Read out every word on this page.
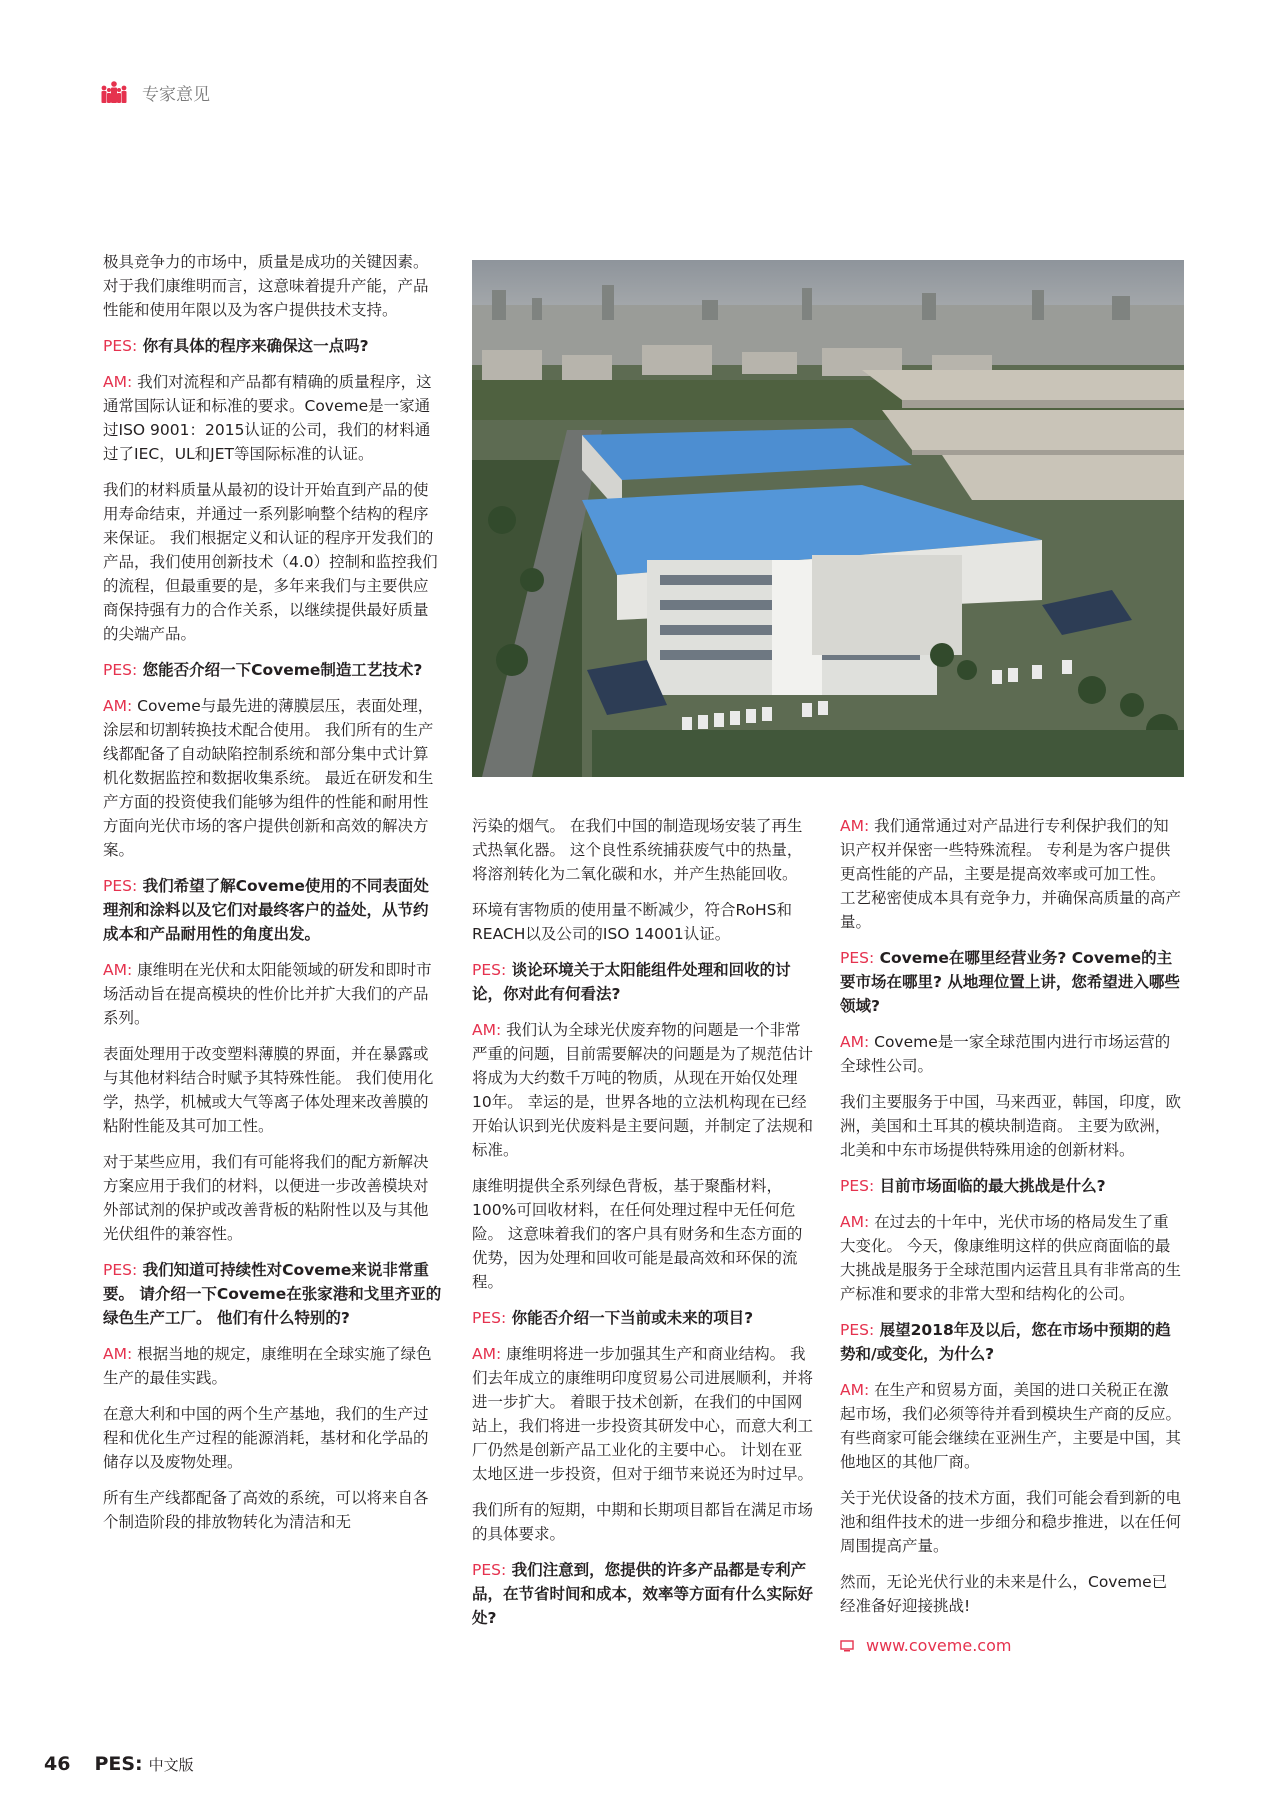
专家意见

极具竞争力的市场中，质量是成功的关键因素。 对于我们康维明而言，这意味着提升产能，产品性能和使用年限以及为客户提供技术支持。

PES: 你有具体的程序来确保这一点吗?

AM: 我们对流程和产品都有精确的质量程序，这通常国际认证和标准的要求。Coveme是一家通过ISO 9001：2015认证的公司，我们的材料通过了IEC，UL和JET等国际标准的认证。

我们的材料质量从最初的设计开始直到产品的使用寿命结束，并通过一系列影响整个结构的程序来保证。 我们根据定义和认证的程序开发我们的产品，我们使用创新技术（4.0）控制和监控我们的流程，但最重要的是，多年来我们与主要供应商保持强有力的合作关系，以继续提供最好质量的尖端产品。

PES: 您能否介绍一下Coveme制造工艺技术?

AM: Coveme与最先进的薄膜层压，表面处理，涂层和切割转换技术配合使用。 我们所有的生产线都配备了自动缺陷控制系统和部分集中式计算机化数据监控和数据收集系统。 最近在研发和生产方面的投资使我们能够为组件的性能和耐用性方面向光伏市场的客户提供创新和高效的解决方案。

PES: 我们希望了解Coveme使用的不同表面处理剂和涂料以及它们对最终客户的益处，从节约成本和产品耐用性的角度出发。

AM: 康维明在光伏和太阳能领域的研发和即时市场活动旨在提高模块的性价比并扩大我们的产品系列。

表面处理用于改变塑料薄膜的界面，并在暴露或与其他材料结合时赋予其特殊性能。 我们使用化学，热学，机械或大气等离子体处理来改善膜的粘附性能及其可加工性。

对于某些应用，我们有可能将我们的配方新解决方案应用于我们的材料，以便进一步改善模块对外部试剂的保护或改善背板的粘附性以及与其他光伏组件的兼容性。

PES: 我们知道可持续性对Coveme来说非常重要。 请介绍一下Coveme在张家港和戈里齐亚的绿色生产工厂。 他们有什么特别的?

AM: 根据当地的规定，康维明在全球实施了绿色生产的最佳实践。

在意大利和中国的两个生产基地，我们的生产过程和优化生产过程的能源消耗，基材和化学品的储存以及废物处理。

所有生产线都配备了高效的系统，可以将来自各个制造阶段的排放物转化为清洁和无

污染的烟气。 在我们中国的制造现场安装了再生式热氧化器。 这个良性系统捕获废气中的热量，将溶剂转化为二氧化碳和水，并产生热能回收。

环境有害物质的使用量不断减少，符合RoHS和REACH以及公司的ISO 14001认证。

PES: 谈论环境关于太阳能组件处理和回收的讨论，你对此有何看法?

AM: 我们认为全球光伏废弃物的问题是一个非常严重的问题，目前需要解决的问题是为了规范估计将成为大约数千万吨的物质，从现在开始仅处理10年。 幸运的是，世界各地的立法机构现在已经开始认识到光伏废料是主要问题，并制定了法规和标准。

康维明提供全系列绿色背板，基于聚酯材料，100%可回收材料，在任何处理过程中无任何危险。 这意味着我们的客户具有财务和生态方面的优势，因为处理和回收可能是最高效和环保的流程。

PES: 你能否介绍一下当前或未来的项目?

AM: 康维明将进一步加强其生产和商业结构。 我们去年成立的康维明印度贸易公司进展顺利，并将进一步扩大。 着眼于技术创新，在我们的中国网站上，我们将进一步投资其研发中心，而意大利工厂仍然是创新产品工业化的主要中心。 计划在亚太地区进一步投资，但对于细节来说还为时过早。

我们所有的短期，中期和长期项目都旨在满足市场的具体要求。

PES: 我们注意到，您提供的许多产品都是专利产品，在节省时间和成本，效率等方面有什么实际好处?

AM: 我们通常通过对产品进行专利保护我们的知识产权并保密一些特殊流程。 专利是为客户提供更高性能的产品，主要是提高效率或可加工性。 工艺秘密使成本具有竞争力，并确保高质量的高产量。

PES: Coveme在哪里经营业务? Coveme的主要市场在哪里? 从地理位置上讲，您希望进入哪些领域?

AM: Coveme是一家全球范围内进行市场运营的全球性公司。

我们主要服务于中国，马来西亚，韩国，印度，欧洲，美国和土耳其的模块制造商。 主要为欧洲，北美和中东市场提供特殊用途的创新材料。

PES: 目前市场面临的最大挑战是什么?

AM: 在过去的十年中，光伏市场的格局发生了重大变化。 今天，像康维明这样的供应商面临的最大挑战是服务于全球范围内运营且具有非常高的生产标准和要求的非常大型和结构化的公司。

PES: 展望2018年及以后，您在市场中预期的趋势和/或变化，为什么?

AM: 在生产和贸易方面，美国的进口关税正在激起市场，我们必须等待并看到模块生产商的反应。 有些商家可能会继续在亚洲生产，主要是中国，其他地区的其他厂商。

关于光伏设备的技术方面，我们可能会看到新的电池和组件技术的进一步细分和稳步推进，以在任何周围提高产量。

然而，无论光伏行业的未来是什么，Coveme已经准备好迎接挑战!

www.coveme.com
46 PES: 中文版
